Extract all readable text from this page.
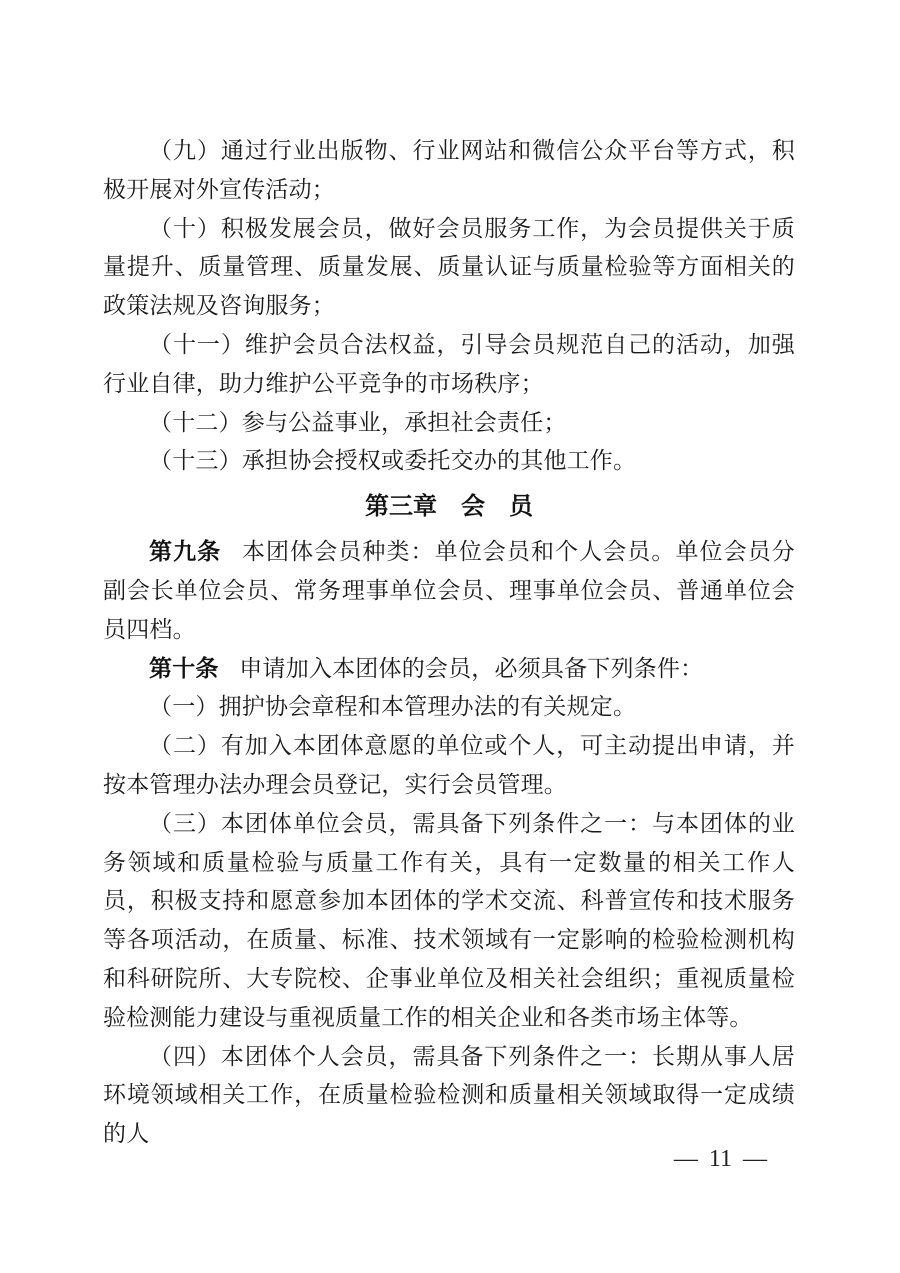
（九）通过行业出版物、行业网站和微信公众平台等方式，积极开展对外宣传活动；

（十）积极发展会员，做好会员服务工作，为会员提供关于质量提升、质量管理、质量发展、质量认证与质量检验等方面相关的政策法规及咨询服务；

（十一）维护会员合法权益，引导会员规范自己的活动，加强行业自律，助力维护公平竞争的市场秩序；

（十二）参与公益事业，承担社会责任；

（十三）承担协会授权或委托交办的其他工作。

第三章　会　员

第九条 本团体会员种类：单位会员和个人会员。单位会员分副会长单位会员、常务理事单位会员、理事单位会员、普通单位会员四档。

第十条 申请加入本团体的会员，必须具备下列条件：

（一）拥护协会章程和本管理办法的有关规定。

（二）有加入本团体意愿的单位或个人，可主动提出申请，并按本管理办法办理会员登记，实行会员管理。

（三）本团体单位会员，需具备下列条件之一：与本团体的业务领域和质量检验与质量工作有关，具有一定数量的相关工作人员，积极支持和愿意参加本团体的学术交流、科普宣传和技术服务等各项活动，在质量、标准、技术领域有一定影响的检验检测机构和科研院所、大专院校、企事业单位及相关社会组织；重视质量检验检测能力建设与重视质量工作的相关企业和各类市场主体等。

（四）本团体个人会员，需具备下列条件之一：长期从事人居环境领域相关工作，在质量检验检测和质量相关领域取得一定成绩的人

— 11 —
